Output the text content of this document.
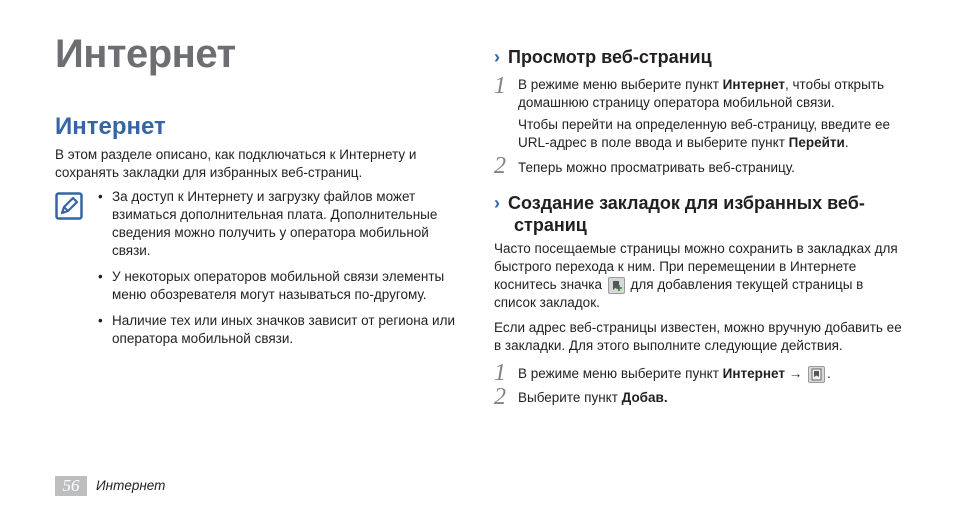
Интернет
Интернет

В этом разделе описано, как подключаться к Интернету и сохранять закладки для избранных веб-страниц.

• За доступ к Интернету и загрузку файлов может взиматься дополнительная плата. Дополнительные сведения можно получить у оператора мобильной связи.
• У некоторых операторов мобильной связи элементы меню обозревателя могут называться по-другому.
• Наличие тех или иных значков зависит от региона или оператора мобильной связи.
› Просмотр веб-страниц
1 В режиме меню выберите пункт Интернет, чтобы открыть домашнюю страницу оператора мобильной связи.

Чтобы перейти на определенную веб-страницу, введите ее URL-адрес в поле ввода и выберите пункт Перейти.

2 Теперь можно просматривать веб-страницу.

› Создание закладок для избранных веб-
страниц

Часто посещаемые страницы можно сохранить в закладках для быстрого перехода к ним. При перемещении в Интернете коснитесь значка
для добавления текущей страницы в список закладок.

Если адрес веб-страницы известен, можно вручную добавить ее в закладки. Для этого выполните следующие действия.

1 В режиме меню выберите пункт Интернет →
.

2 Выберите пункт Добав.

56	Интернет
